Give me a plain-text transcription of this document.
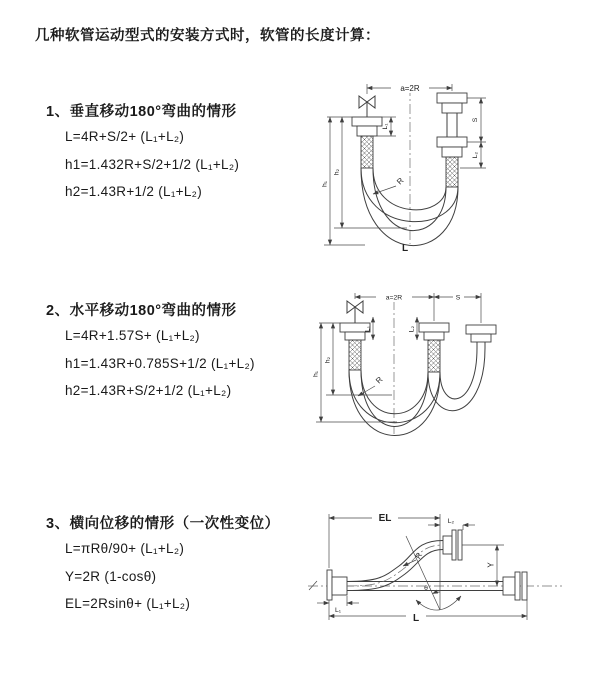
几种软管运动型式的安装方式时，软管的长度计算：
1、垂直移动180°弯曲的情形
L=4R+S/2+ (L₁+L₂)
h1=1.432R+S/2+1/2 (L₁+L₂)
h2=1.43R+1/2 (L₁+L₂)
2、水平移动180°弯曲的情形
L=4R+1.57S+ (L₁+L₂)
h1=1.43R+0.785S+1/2 (L₁+L₂)
h2=1.43R+S/2+1/2 (L₁+L₂)
3、横向位移的情形（一次性变位）
L=πRθ/90+ (L₁+L₂)
Y=2R (1-cosθ)
EL=2Rsinθ+ (L₁+L₂)
a=2R
S
L₂
L₁
h₂
h₁	R
L
a=2R	S
L₁	L₂
h₂
h₁
R
EL	L₂
Y
R
θ
L
L₁
